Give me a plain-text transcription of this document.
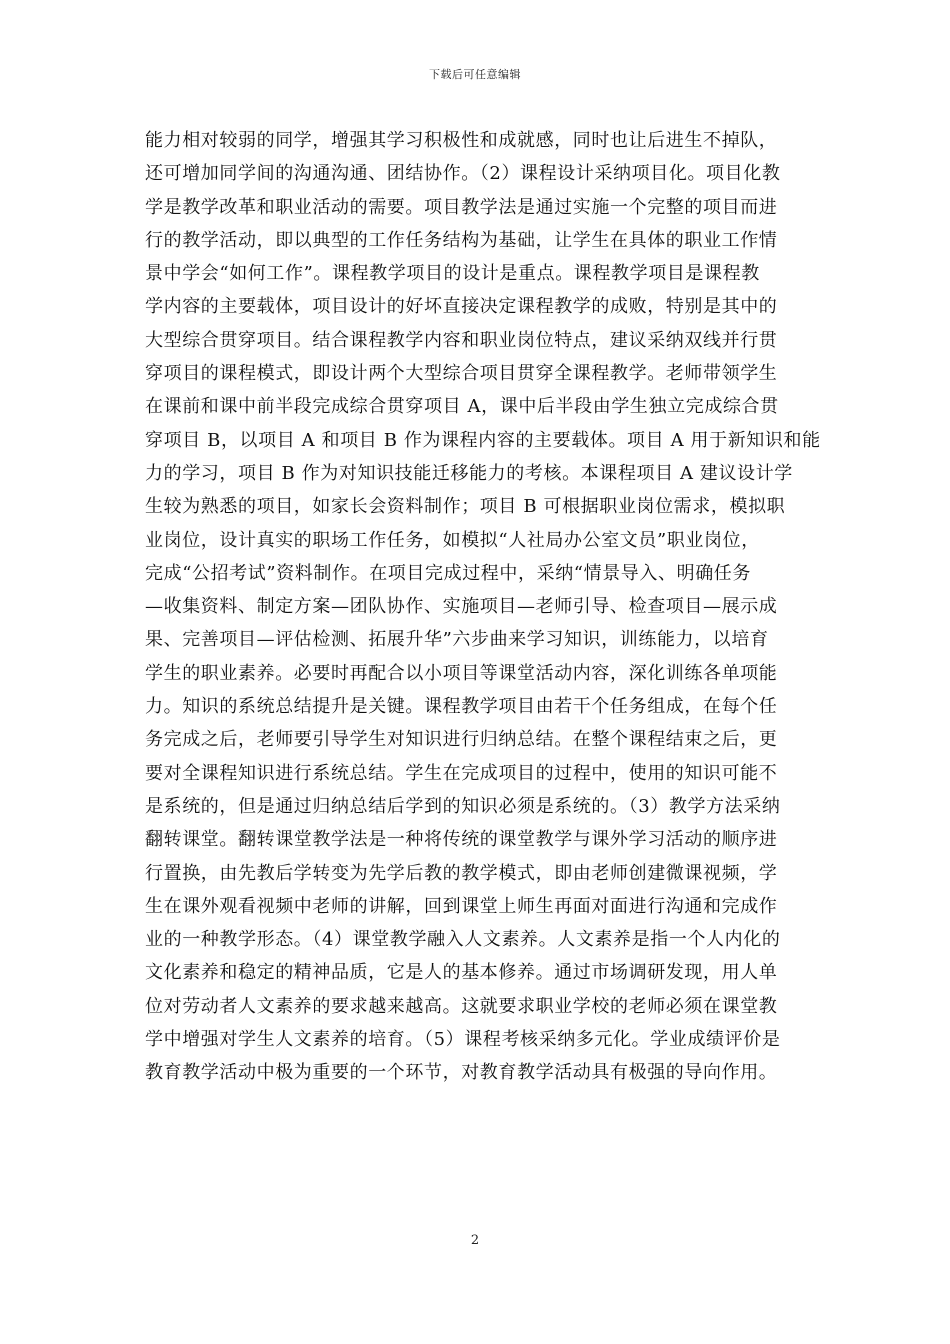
下载后可任意编辑
能力相对较弱的同学，增强其学习积极性和成就感，同时也让后进生不掉队，
还可增加同学间的沟通沟通、团结协作。（2）课程设计采纳项目化。项目化教
学是教学改革和职业活动的需要。项目教学法是通过实施一个完整的项目而进
行的教学活动，即以典型的工作任务结构为基础，让学生在具体的职业工作情
景中学会“如何工作”。课程教学项目的设计是重点。课程教学项目是课程教
学内容的主要载体，项目设计的好坏直接决定课程教学的成败，特别是其中的
大型综合贯穿项目。结合课程教学内容和职业岗位特点，建议采纳双线并行贯
穿项目的课程模式，即设计两个大型综合项目贯穿全课程教学。老师带领学生
在课前和课中前半段完成综合贯穿项目 A，课中后半段由学生独立完成综合贯
穿项目 B，以项目 A 和项目 B 作为课程内容的主要载体。项目 A 用于新知识和能
力的学习，项目 B 作为对知识技能迁移能力的考核。本课程项目 A 建议设计学
生较为熟悉的项目，如家长会资料制作；项目 B 可根据职业岗位需求，模拟职
业岗位，设计真实的职场工作任务，如模拟“人社局办公室文员”职业岗位，
完成“公招考试”资料制作。在项目完成过程中，采纳“情景导入、明确任务
—收集资料、制定方案—团队协作、实施项目—老师引导、检查项目—展示成
果、完善项目—评估检测、拓展升华”六步曲来学习知识，训练能力，以培育
学生的职业素养。必要时再配合以小项目等课堂活动内容，深化训练各单项能
力。知识的系统总结提升是关键。课程教学项目由若干个任务组成，在每个任
务完成之后，老师要引导学生对知识进行归纳总结。在整个课程结束之后，更
要对全课程知识进行系统总结。学生在完成项目的过程中，使用的知识可能不
是系统的，但是通过归纳总结后学到的知识必须是系统的。（3）教学方法采纳
翻转课堂。翻转课堂教学法是一种将传统的课堂教学与课外学习活动的顺序进
行置换，由先教后学转变为先学后教的教学模式，即由老师创建微课视频，学
生在课外观看视频中老师的讲解，回到课堂上师生再面对面进行沟通和完成作
业的一种教学形态。（4）课堂教学融入人文素养。人文素养是指一个人内化的
文化素养和稳定的精神品质，它是人的基本修养。通过市场调研发现，用人单
位对劳动者人文素养的要求越来越高。这就要求职业学校的老师必须在课堂教
学中增强对学生人文素养的培育。（5）课程考核采纳多元化。学业成绩评价是
教育教学活动中极为重要的一个环节，对教育教学活动具有极强的导向作用。
2
